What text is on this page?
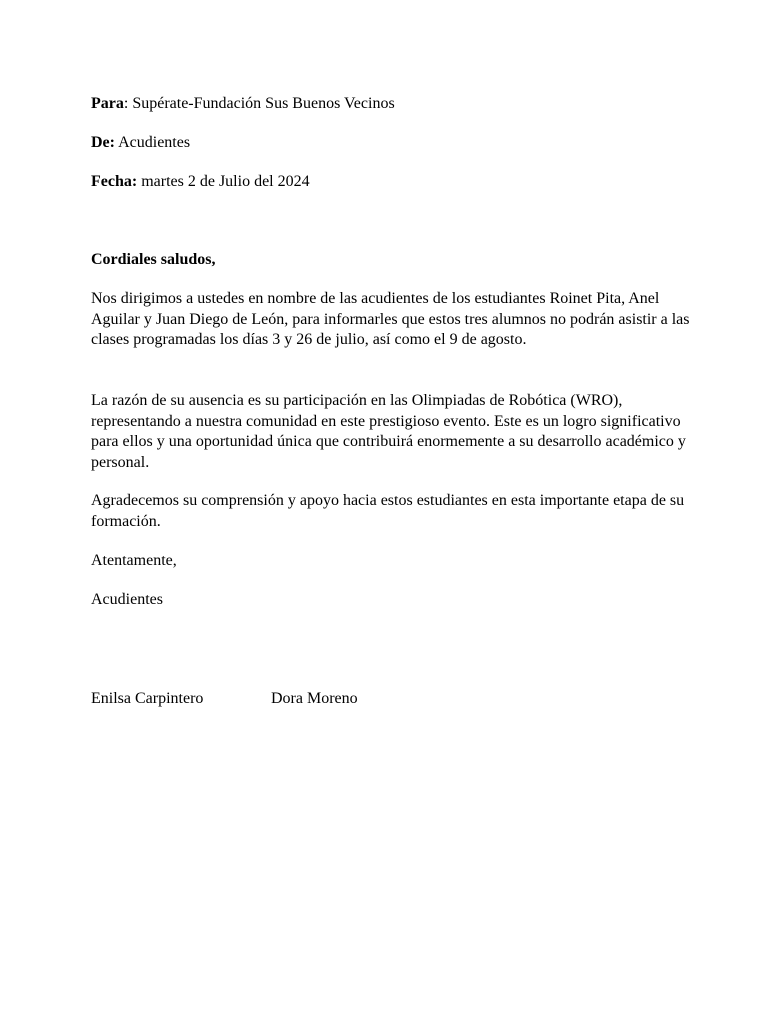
Para: Supérate-Fundación Sus Buenos Vecinos
De: Acudientes
Fecha: martes 2 de Julio del 2024
Cordiales saludos,

Nos dirigimos a ustedes en nombre de las acudientes de los estudiantes Roinet Pita, Anel Aguilar y Juan Diego de León, para informarles que estos tres alumnos no podrán asistir a las clases programadas los días 3 y 26 de julio, así como el 9 de agosto.

La razón de su ausencia es su participación en las Olimpiadas de Robótica (WRO), representando a nuestra comunidad en este prestigioso evento. Este es un logro significativo para ellos y una oportunidad única que contribuirá enormemente a su desarrollo académico y personal.

Agradecemos su comprensión y apoyo hacia estos estudiantes en esta importante etapa de su formación.

Atentamente,
Acudientes
Enilsa Carpintero	Dora Moreno
